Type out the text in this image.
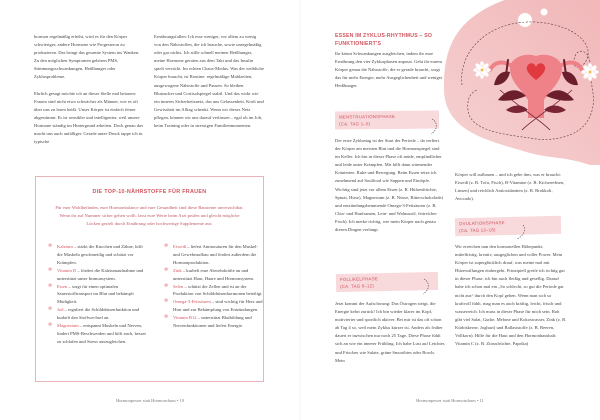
hormon regelmäßig erhöht, wird es für den Körper schwieriger, andere Hormone wie Progesteron zu produzieren. Das bringt das gesamte System ins Wanken. Zu den möglichen Symptomen gehören PMS, Stimmungsschwankungen, Heißhunger oder Zyklusprobleme.

Ehrlich gesagt möchte ich an dieser Stelle mal betonen: Frauen sind nicht etwa schwächer als Männer, wie es oft über uns zu lesen heißt. Unser Körper ist einfach feiner abgestimmt. Er ist sensibler und intelligenter, weil unsere Hormone ständig im Hintergrund arbeiten. Doch genau das macht uns auch anfälliger. Gerade unter Druck tappe ich in typische

Ernährungsfallen: Ich esse weniger, vor allem zu wenig von den Nährstoffen, die ich brauche, sowie unregelmäßig oder gar nichts. Ich stille schnell meinen Heißhunger, meine Hormone geraten aus dem Takt und das Insulin spielt verrückt. Im echten Chaos-Modus. Was der weibliche Körper braucht, ist Routine: regelmäßige Mahlzeiten, ausgewogene Nährstoffe und Pausen. So bleiben Blutzucker und Cortisolspiegel stabil. Und das wirkt wie ein inneres Sicherheitsnetz, das uns Gelassenheit, Kraft und Gewissheit im Alltag schenkt. Wenn wir dieses Netz pflegen, können wir uns darauf verlassen – egal ob im Job, beim Training oder in stressigen Familienmomenten.

DIE TOP-10-NÄHRSTOFFE FÜR FRAUEN
Für euer Wohlbefinden, eure Hormonbalance und eure Gesundheit sind diese Bausteine unverzichtbar. Wenn ihr auf Nummer sicher gehen wollt, lasst eure Werte beim Arzt prüfen und gleicht mögliche Lücken gezielt durch Ernährung oder hochwertige Supplemente aus:
✻ Kalzium – stärkt die Knochen und Zähne, hilft die Muskeln geschmeidig und schützt vor Krämpfen.
✻ Vitamin D – fördert die Kalziumaufnahme und unterstützt unser Immunsystem.
✻ Eisen – sorgt für einen optimalen Sauerstofftransport im Blut und bekämpft Müdigkeit.
✻ Jod – reguliert die Schilddrüsenfunktion und kurbelt den Stoffwechsel an.
✻ Magnesium – entspannt Muskeln und Nerven, lindert PMS-Beschwerden und hilft euch, besser zu schlafen und Stress auszugleichen.
✻ Eiweiß – liefert Aminosäuren für den Muskel- und Gewebeaufbau und fördert außerdem die Hormonproduktion.
✻ Zink – kurbelt eure Abwehrkräfte an und unterstützt Haut, Haare und Hormonsystem.
✻ Selen – schützt die Zellen und ist an der Produktion von Schilddrüsenhormonen beteiligt.
✻ Omega-3-Fettsäuren – sind wichtig für Herz und Hirn und zur Bekämpfung von Entzündungen.
✻ Vitamin B12 – unterstützt Blutbildung und Nervenfunktionen und liefert Energie.
Hormonpower statt Hormonchaos • 10
ESSEN IM ZYKLUS-RHYTHMUS – SO FUNKTIONIERT'S
Ihr könnt Schwankungen ausgleichen, indem ihr eure Ernährung den vier Zyklusphasen anpasst. Gebt ihr eurem Körper genau die Nährstoffe, die er gerade braucht, sorgt das für mehr Energie, mehr Ausgeglichenheit und weniger Heißhunger.
MENSTRUATIONSPHASE
(CA. TAG 1–5)
Der erste Zyklustag ist der Start der Periode – da verliert der Körper am meisten Blut und die Hormonspiegel sind im Keller. Ich bin in dieser Phase oft müde, empfindlicher und leide unter Krämpfen. Mir hilft dann wärmender Kräutertee, Ruhe und Bewegung. Beim Essen setze ich zunehmend auf Soulfood wie Suppen und Eintöpfe. Wichtig sind jetzt vor allem Eisen (z. B. Hülsenfrüchte, Spinat, Hirse), Magnesium (z. B. Nüsse, Bitterschokolade) und entzündungshemmende Omega-3-Fettsäuren (z. B. Chia- und Hanfsamen, Lein- und Walnussöl, fettreicher Fisch). Ich merke richtig, wie mein Körper nach genau diesen Dingen verlangt.
FOLLIKELPHASE
(CA. TAG 6–12)
Jetzt kommt der Aufschwung: Das Östrogen steigt, die Energie kehrt zurück! Ich bin wieder klarer im Kopf, motivierter und sportlich aktiver. Bei mir ist das oft schon ab Tag 4 so, weil mein Zyklus kürzer ist. Anders als früher dauert er inzwischen nur noch 25 Tage. Diese Phase fühlt sich an wie ein innerer Frühling. Ich habe Lust auf Leichtes und Frisches wie Salate, grüne Smoothies oder Bowls. Mein
Körper will aufbauen – und ich gebe ihm, was er braucht: Eiweiß (z. B. Tofu, Fisch), B-Vitamine (z. B. Kichererbsen, Linsen) und reichlich Antioxidantien (z. B. Brokkoli, Avocado).
OVULATIONSPHASE
(CA. TAG 13–16)
Wir erreichen nun den hormonellen Höhepunkt: mittelfristig, kreativ, ausgeglichen und voller Power. Mein Körper ist superglücklich drauf, was meine mal mit Hitzewallungen einhergeht. Prinzipiell greife ich richtig gut in dieser Phase, ich bin auch fleißig und gesellig. Darauf habe ich schon mal ein „So schlecht, so gut die Periode gar nicht aus“ durch den Kopf gehen. Wenn man sich so kraftvoll fühlt, mag man es auch kräftig, leicht, frisch und wasserreich. Ich muss in dieser Phase für mich sein. Roh gibt viel Salat, Gurke, Melone und Kokoswasser, Zink (z. B. Kürbiskerne, Joghurt) und Ballaststoffe (z. B. Beeren, Vollkorn). Hilfe für die Haut und den Hormonhaushalt: Vitamin C (z. B. Zitrusfrüchte, Paprika)
Hormonpower statt Hormonchaos • 11
